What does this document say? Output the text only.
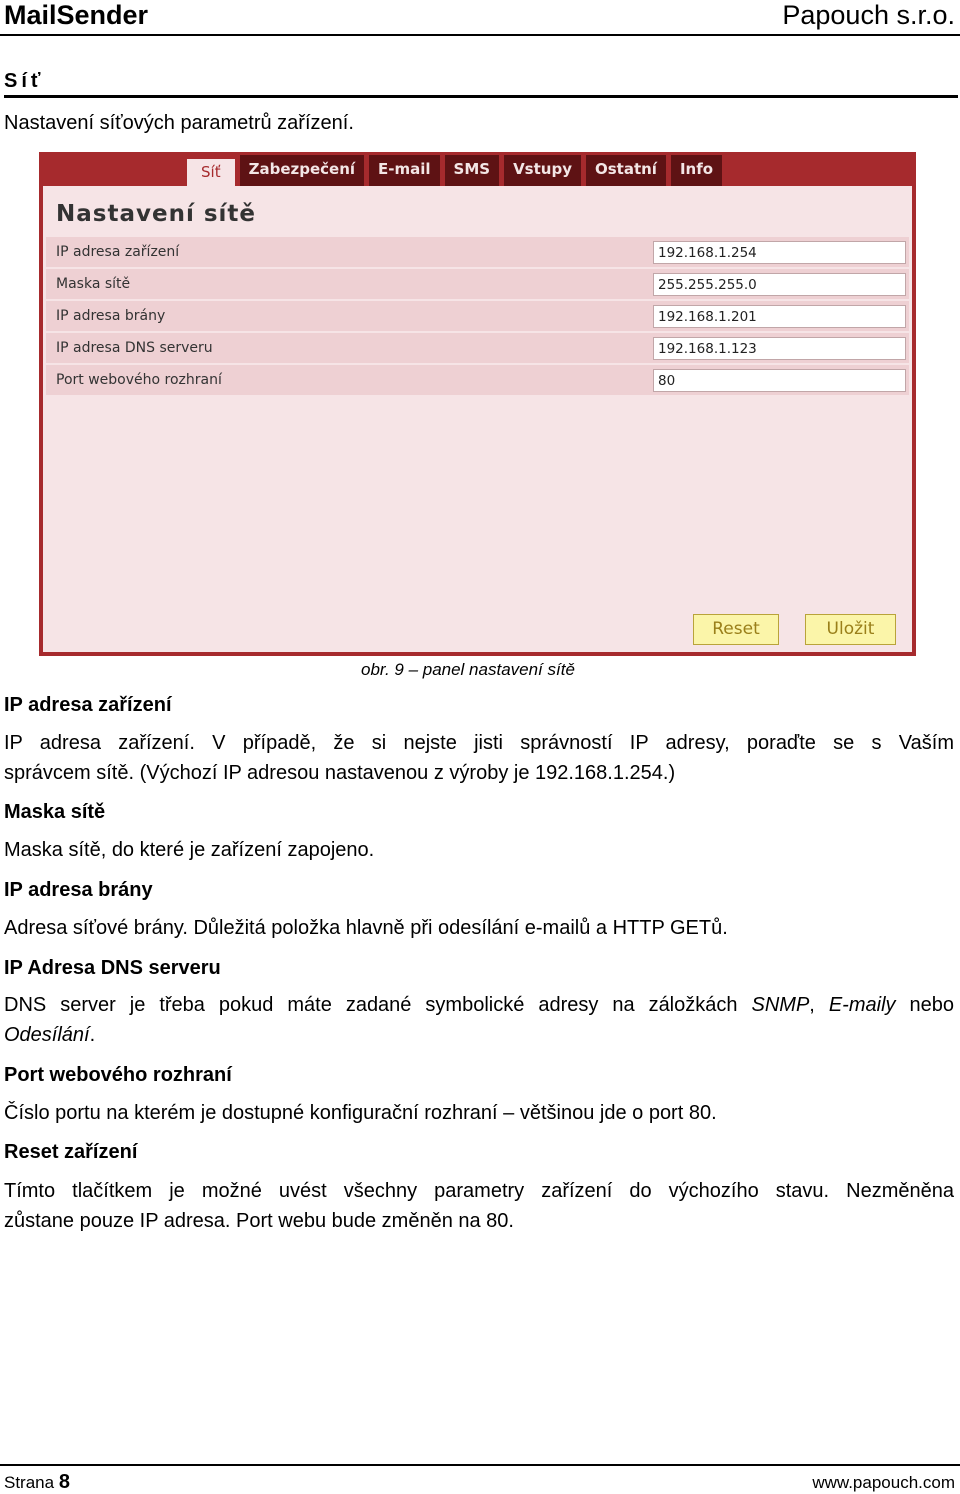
MailSender	Papouch s.r.o.
Síť
Nastavení síťových parametrů zařízení.
Síť	Zabezpečení	E-mail	SMS	Vstupy	Ostatní	Info
Nastavení sítě
IP adresa zařízení
192.168.1.254
Maska sítě
255.255.255.0
IP adresa brány
192.168.1.201
IP adresa DNS serveru
192.168.1.123
Port webového rozhraní
80
Reset	Uložit
obr. 9 – panel nastavení sítě
IP adresa zařízení
IP adresa zařízení. V případě, že si nejste jisti správností IP adresy, poraďte se s Vaším
správcem sítě. (Výchozí IP adresou nastavenou z výroby je 192.168.1.254.)
Maska sítě
Maska sítě, do které je zařízení zapojeno.
IP adresa brány
Adresa síťové brány. Důležitá položka hlavně při odesílání e-mailů a HTTP GETů.
IP Adresa DNS serveru
DNS server je třeba pokud máte zadané symbolické adresy na záložkách SNMP, E-maily nebo
Odesílání.
Port webového rozhraní
Číslo portu na kterém je dostupné konfigurační rozhraní – většinou jde o port 80.
Reset zařízení
Tímto tlačítkem je možné uvést všechny parametry zařízení do výchozího stavu. Nezměněna
zůstane pouze IP adresa. Port webu bude změněn na 80.
Strana 8	www.papouch.com
